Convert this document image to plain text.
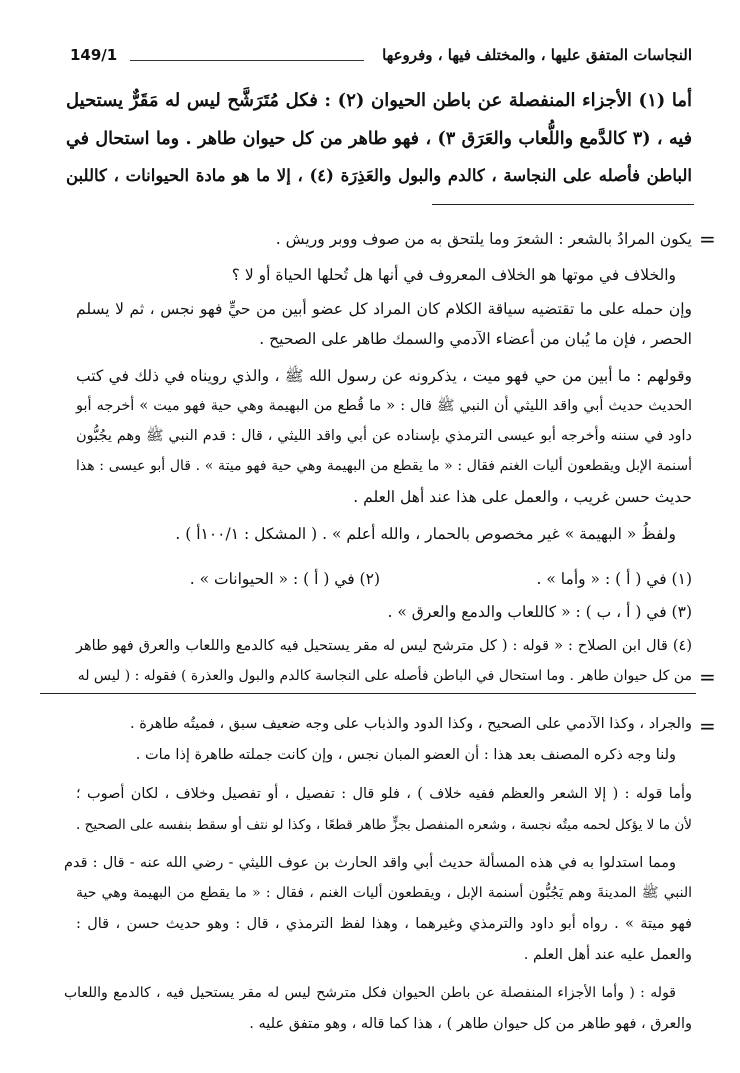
النجاسات المتفق عليها ، والمختلف فيها ، وفروعها
149/1
أما (١) الأجزاء المنفصلة عن باطن الحيوان (٢) : فكل مُتَرَشَّح ليس له مَقَرٌّ يستحيل
فيه ، (٣ كالدَّمع واللُّعاب والعَرَق ٣) ، فهو طاهر من كل حيوان طاهر . وما استحال في
الباطن فأصله على النجاسة ، كالدم والبول والعَذِرَة (٤) ، إلا ما هو مادة الحيوانات ، كاللبن
=
يكون المرادُ بالشعر : الشعرَ وما يلتحق به من صوف ووبر وريش .
والخلاف في موتها هو الخلاف المعروف في أنها هل تُحلها الحياة أو لا ؟
وإن حمله على ما تقتضيه سياقة الكلام كان المراد كل عضو أبين من حيٍّ فهو نجس ، ثم لا يسلم
الحصر ، فإن ما يُبان من أعضاء الآدمي والسمك طاهر على الصحيح .
وقولهم : ما أبين من حي فهو ميت ، يذكرونه عن رسول الله ﷺ ، والذي رويناه في ذلك في كتب
الحديث حديث أبي واقد الليثي أن النبي ﷺ قال : « ما قُطع من البهيمة وهي حية فهو ميت » أخرجه أبو
داود في سننه وأخرجه أبو عيسى الترمذي بإسناده عن أبي واقد الليثي ، قال : قدم النبي ﷺ وهم يجُبُّون
أسنمة الإبل ويقطعون أليات الغنم فقال : « ما يقطع من البهيمة وهي حية فهو ميتة » . قال أبو عيسى : هذا
حديث حسن غريب ، والعمل على هذا عند أهل العلم .
ولفظُ « البهيمة » غير مخصوص بالحمار ، والله أعلم » . ( المشكل : ١٠٠/١أ ) .
(١) في ( أ ) : « وأما » .
(٢) في ( أ ) : « الحيوانات » .
(٣) في ( أ ، ب ) : « كاللعاب والدمع والعرق » .
(٤) قال ابن الصلاح : « قوله : ( كل مترشح ليس له مقر يستحيل فيه كالدمع واللعاب والعرق فهو طاهر
من كل حيوان طاهر . وما استحال في الباطن فأصله على النجاسة كالدم والبول والعذرة ) فقوله : ( ليس له =
=
والجراد ، وكذا الآدمي على الصحيح ، وكذا الدود والذباب على وجه ضعيف سبق ، فميتُه طاهرة .
ولنا وجه ذكره المصنف بعد هذا : أن العضو المبان نجس ، وإن كانت جملته طاهرة إذا مات .
وأما قوله : ( إلا الشعر والعظم ففيه خلاف ) ، فلو قال : تفصيل ، أو تفصيل وخلاف ، لكان أصوب ؛
لأن ما لا يؤكل لحمه ميتُه نجسة ، وشعره المنفصل بجزٍّ طاهر قطعًا ، وكذا لو نتف أو سقط بنفسه على الصحيح .
ومما استدلوا به في هذه المسألة حديث أبي واقد الحارث بن عوف الليثي - رضي الله عنه - قال : قدم
النبي ﷺ المدينةَ وهم يَجُبُّون أسنمة الإبل ، ويقطعون أليات الغنم ، فقال : « ما يقطع من البهيمة وهي حية
فهو ميتة » . رواه أبو داود والترمذي وغيرهما ، وهذا لفظ الترمذي ، قال : وهو حديث حسن ، قال :
والعمل عليه عند أهل العلم .
قوله : ( وأما الأجزاء المنفصلة عن باطن الحيوان فكل مترشح ليس له مقر يستحيل فيه ، كالدمع واللعاب
والعرق ، فهو طاهر من كل حيوان طاهر ) ، هذا كما قاله ، وهو متفق عليه .
